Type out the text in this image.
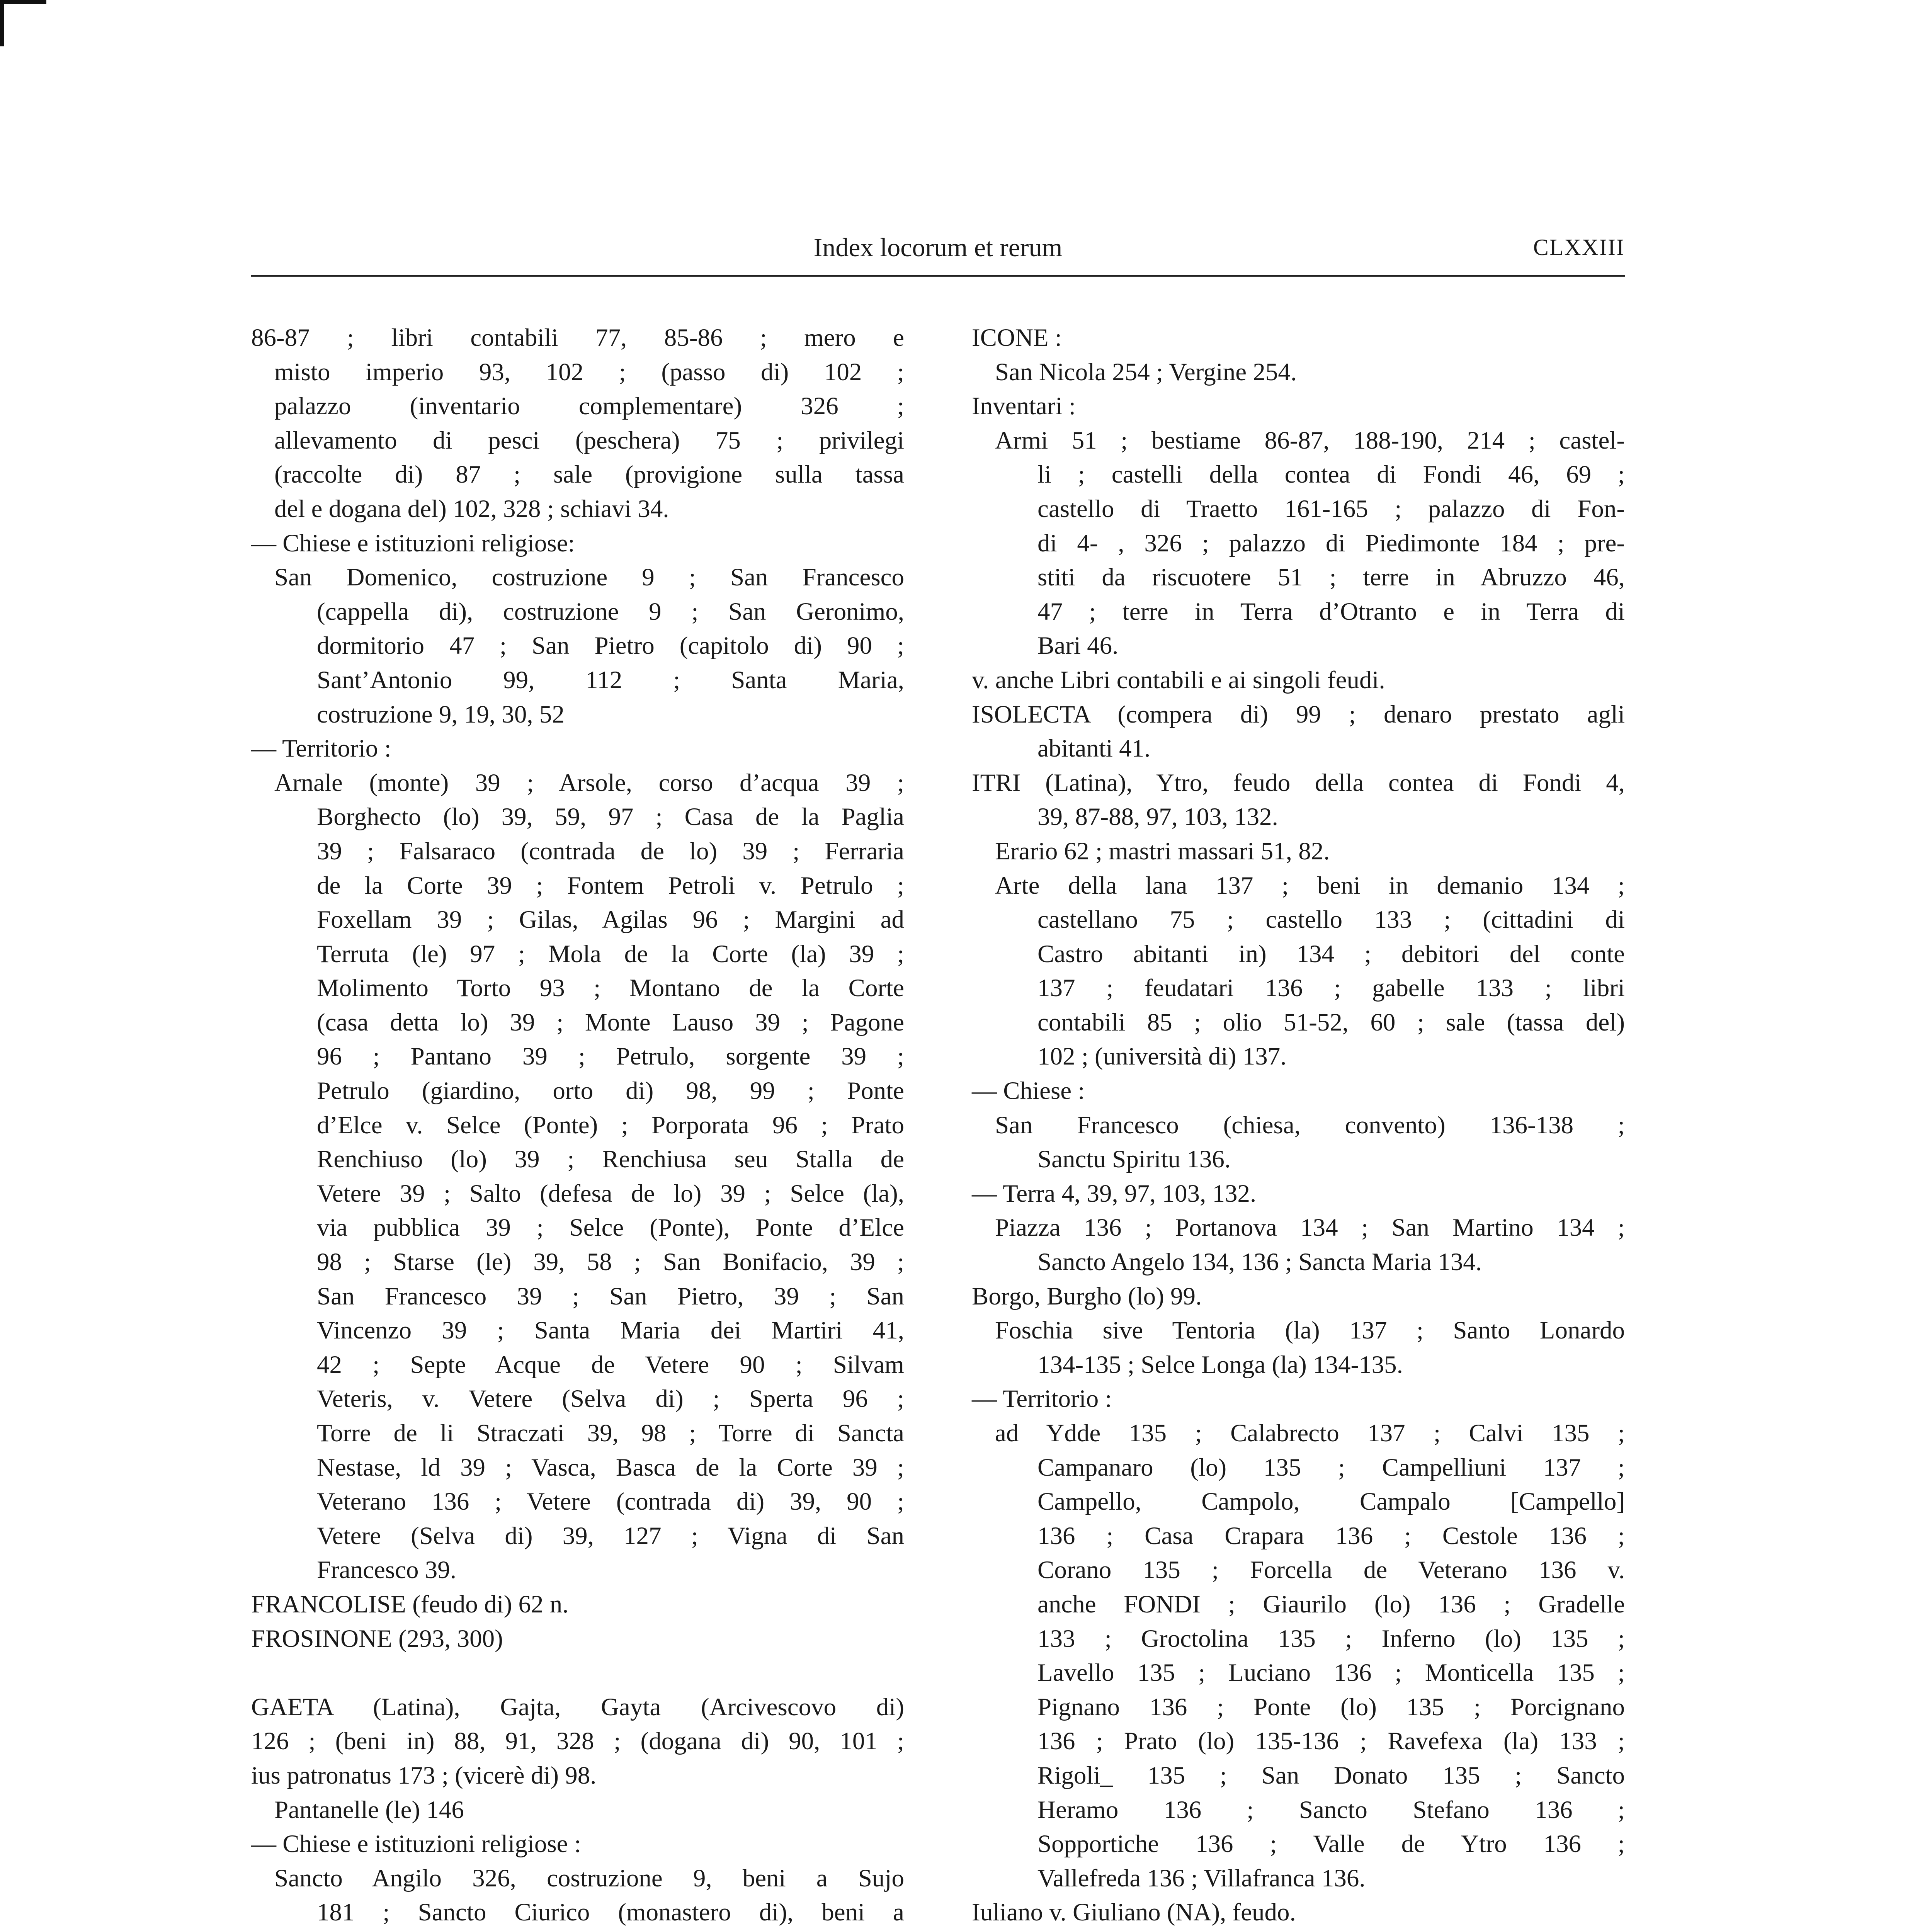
Index locorum et rerum	CLXXIII
86-87 ; libri contabili 77, 85-86 ; mero e
misto imperio 93, 102 ; (passo di) 102 ;
palazzo (inventario complementare) 326 ;
allevamento di pesci (peschera) 75 ; privilegi
(raccolte di) 87 ; sale (provigione sulla tassa
del e dogana del) 102, 328 ; schiavi 34.
— Chiese e istituzioni religiose:
San Domenico, costruzione 9 ; San Francesco
(cappella di), costruzione 9 ; San Geronimo,
dormitorio 47 ; San Pietro (capitolo di) 90 ;
Sant’Antonio 99, 112 ; Santa Maria,
costruzione 9, 19, 30, 52
— Territorio :
Arnale (monte) 39 ; Arsole, corso d’acqua 39 ;
Borghecto (lo) 39, 59, 97 ; Casa de la Paglia
39 ; Falsaraco (contrada de lo) 39 ; Ferraria
de la Corte 39 ; Fontem Petroli v. Petrulo ;
Foxellam 39 ; Gilas, Agilas 96 ; Margini ad
Terruta (le) 97 ; Mola de la Corte (la) 39 ;
Molimento Torto 93 ; Montano de la Corte
(casa detta lo) 39 ; Monte Lauso 39 ; Pagone
96 ; Pantano 39 ; Petrulo, sorgente 39 ;
Petrulo (giardino, orto di) 98, 99 ; Ponte
d’Elce v. Selce (Ponte) ; Porporata 96 ; Prato
Renchiuso (lo) 39 ; Renchiusa seu Stalla de
Vetere 39 ; Salto (defesa de lo) 39 ; Selce (la),
via pubblica 39 ; Selce (Ponte), Ponte d’Elce
98 ; Starse (le) 39, 58 ; San Bonifacio, 39 ;
San Francesco 39 ; San Pietro, 39 ; San
Vincenzo 39 ; Santa Maria dei Martiri 41,
42 ; Septe Acque de Vetere 90 ; Silvam
Veteris, v. Vetere (Selva di) ; Sperta 96 ;
Torre de li Straczati 39, 98 ; Torre di Sancta
Nestase, ld 39 ; Vasca, Basca de la Corte 39 ;
Veterano 136 ; Vetere (contrada di) 39, 90 ;
Vetere (Selva di) 39, 127 ; Vigna di San
Francesco 39.
FRANCOLISE (feudo di) 62 n.
FROSINONE (293, 300)
GAETA (Latina), Gajta, Gayta (Arcivescovo di)
126 ; (beni in) 88, 91, 328 ; (dogana di) 90, 101 ;
ius patronatus 173 ; (vicerè di) 98.
Pantanelle (le) 146
— Chiese e istituzioni religiose :
Sancto Angilo 326, costruzione 9, beni a Sujo
181 ; Sancto Ciurico (monastero di), beni a
ICONE :
San Nicola 254 ; Vergine 254.
Inventari :
Armi 51 ; bestiame 86-87, 188-190, 214 ; castel-
li ; castelli della contea di Fondi 46, 69 ;
castello di Traetto 161-165 ; palazzo di Fon-
di 4- , 326 ; palazzo di Piedimonte 184 ; pre-
stiti da riscuotere 51 ; terre in Abruzzo 46,
47 ; terre in Terra d’Otranto e in Terra di
Bari 46.
v. anche Libri contabili e ai singoli feudi.
ISOLECTA (compera di) 99 ; denaro prestato agli
abitanti 41.
ITRI (Latina), Ytro, feudo della contea di Fondi 4,
39, 87-88, 97, 103, 132.
Erario 62 ; mastri massari 51, 82.
Arte della lana 137 ; beni in demanio 134 ;
castellano 75 ; castello 133 ; (cittadini di
Castro abitanti in) 134 ; debitori del conte
137 ; feudatari 136 ; gabelle 133 ; libri
contabili 85 ; olio 51-52, 60 ; sale (tassa del)
102 ; (università di) 137.
— Chiese :
San Francesco (chiesa, convento) 136-138 ;
Sanctu Spiritu 136.
— Terra 4, 39, 97, 103, 132.
Piazza 136 ; Portanova 134 ; San Martino 134 ;
Sancto Angelo 134, 136 ; Sancta Maria 134.
Borgo, Burgho (lo) 99.
Foschia sive Tentoria (la) 137 ; Santo Lonardo
134-135 ; Selce Longa (la) 134-135.
— Territorio :
ad Ydde 135 ; Calabrecto 137 ; Calvi 135 ;
Campanaro (lo) 135 ; Campelliuni 137 ;
Campello, Campolo, Campalo [Campello]
136 ; Casa Crapara 136 ; Cestole 136 ;
Corano 135 ; Forcella de Veterano 136 v.
anche FONDI ; Giaurilo (lo) 136 ; Gradelle
133 ; Groctolina 135 ; Inferno (lo) 135 ;
Lavello 135 ; Luciano 136 ; Monticella 135 ;
Pignano 136 ; Ponte (lo) 135 ; Porcignano
136 ; Prato (lo) 135-136 ; Ravefexa (la) 133 ;
Rigoli_ 135 ; San Donato 135 ; Sancto
Heramo 136 ; Sancto Stefano 136 ;
Sopportiche 136 ; Valle de Ytro 136 ;
Vallefreda 136 ; Villafranca 136.
Iuliano v. Giuliano (NA), feudo.
